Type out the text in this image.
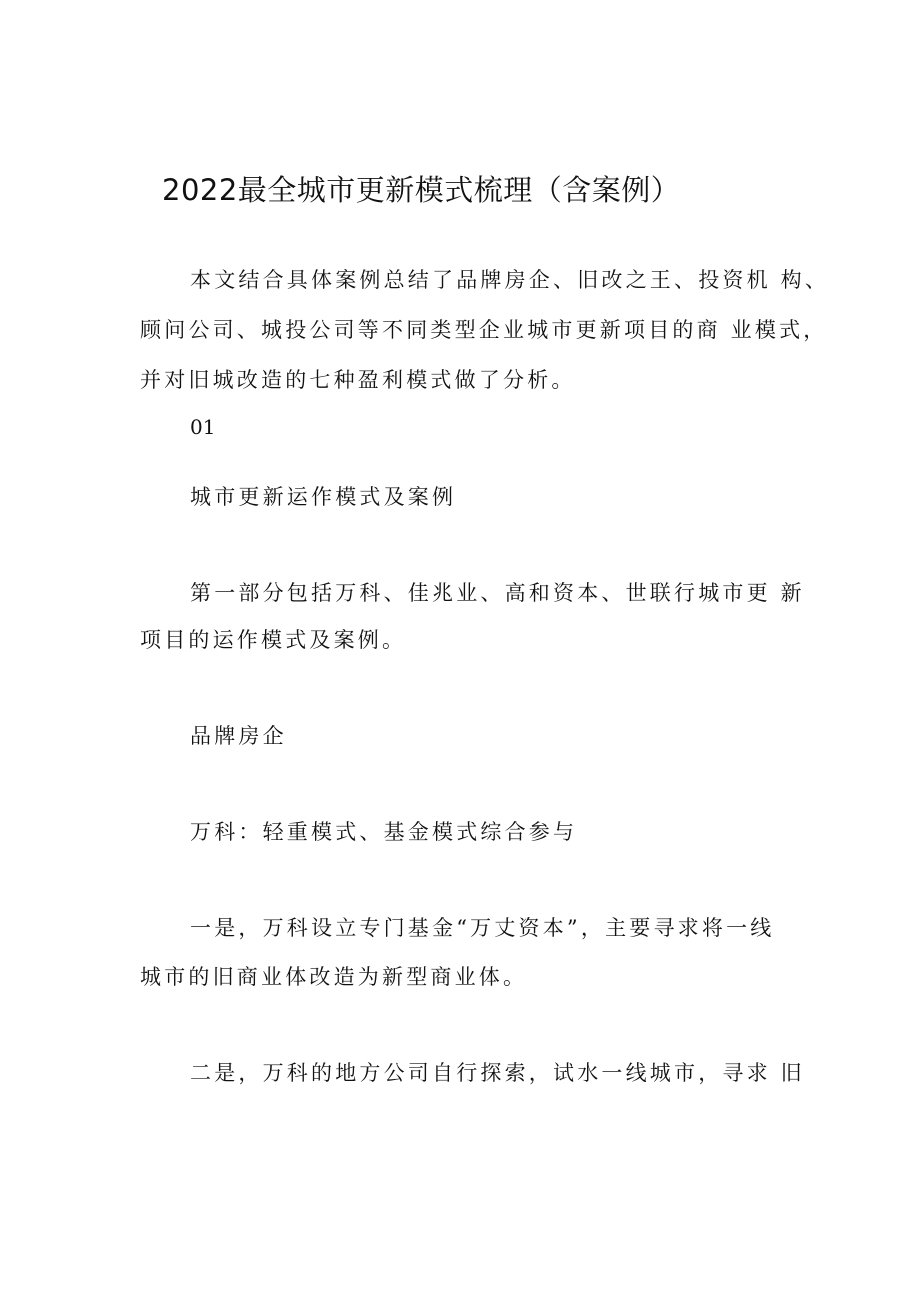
2022最全城市更新模式梳理（含案例）
本文结合具体案例总结了品牌房企、旧改之王、投资机 构、
顾问公司、城投公司等不同类型企业城市更新项目的商 业模式，
并对旧城改造的七种盈利模式做了分析。
01
城市更新运作模式及案例
第一部分包括万科、佳兆业、高和资本、世联行城市更 新
项目的运作模式及案例。
品牌房企
万科：轻重模式、基金模式综合参与
一是，万科设立专门基金“万丈资本”，主要寻求将一线
城市的旧商业体改造为新型商业体。
二是，万科的地方公司自行探索，试水一线城市，寻求 旧
